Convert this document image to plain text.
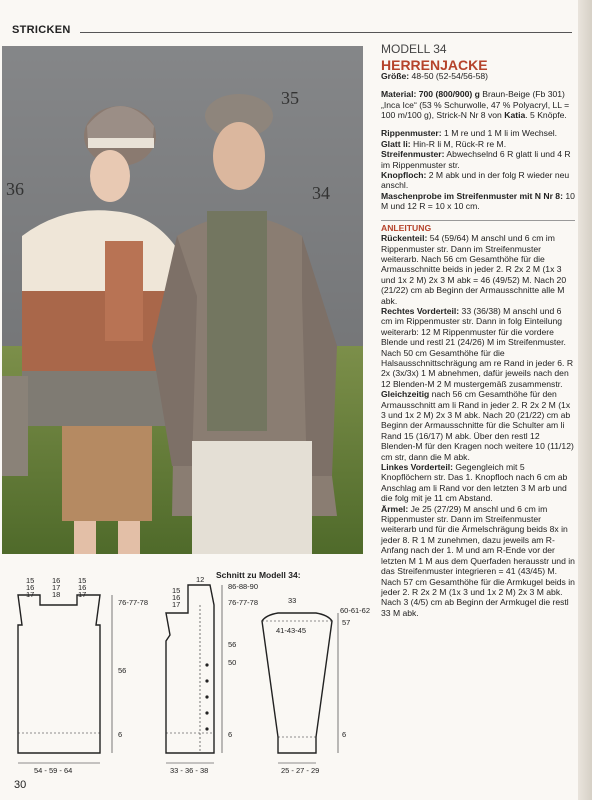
STRICKEN
36
35
34
MODELL 34
HERRENJACKE

Größe: 48-50 (52-54/56-58)

Material: 700 (800/900) g Braun-Beige (Fb 301) „Inca Ice“ (53 % Schurwolle, 47 % Polyacryl, LL = 100 m/100 g), Strick-N Nr 8 von Katia. 5 Knöpfe.

Rippenmuster: 1 M re und 1 M li im Wechsel.

Glatt li: Hin-R li M, Rück-R re M.

Streifenmuster: Abwechselnd 6 R glatt li und 4 R im Rippenmuster str.

Knopfloch: 2 M abk und in der folg R wieder neu anschl.

Maschenprobe im Streifenmuster mit N Nr 8: 10 M und 12 R = 10 x 10 cm.

ANLEITUNG

Rückenteil: 54 (59/64) M anschl und 6 cm im Rippenmuster str. Dann im Streifenmuster weiterarb. Nach 56 cm Gesamthöhe für die Armausschnitte beids in jeder 2. R 2x 2 M (1x 3 und 1x 2 M) 2x 3 M abk = 46 (49/52) M. Nach 20 (21/22) cm ab Beginn der Armausschnitte alle M abk.

Rechtes Vorderteil: 33 (36/38) M anschl und 6 cm im Rippenmuster str. Dann in folg Einteilung weiterarb: 12 M Rippenmuster für die vordere Blende und restl 21 (24/26) M im Streifenmuster. Nach 50 cm Gesamthöhe für die Halsausschnittschrägung am re Rand in jeder 6. R 2x (3x/3x) 1 M abnehmen, dafür jeweils nach den 12 Blenden-M 2 M mustergemäß zusammenstr. Gleichzeitig nach 56 cm Gesamthöhe für den Armausschnitt am li Rand in jeder 2. R 2x 2 M (1x 3 und 1x 2 M) 2x 3 M abk. Nach 20 (21/22) cm ab Beginn der Armausschnitte für die Schulter am li Rand 15 (16/17) M abk. Über den restl 12 Blenden-M für den Kragen noch weitere 10 (11/12) cm str, dann die M abk.

Linkes Vorderteil: Gegengleich mit 5 Knopflöchern str. Das 1. Knopfloch nach 6 cm ab Anschlag am li Rand vor den letzten 3 M arb und die folg mit je 11 cm Abstand.

Ärmel: Je 25 (27/29) M anschl und 6 cm im Rippenmuster str. Dann im Streifenmuster weiterarb und für die Ärmelschrägung beids 8x in jeder 8. R 1 M zunehmen, dazu jeweils am R-Anfang nach der 1. M und am R-Ende vor der letzten M 1 M aus dem Querfaden herausstr und in das Streifenmuster integrieren = 41 (43/45) M. Nach 57 cm Gesamthöhe für die Armkugel beids in jeder 2. R 2x 2 M (1x 3 und 1x 2 M) 2x 3 M abk. Nach 3 (4/5) cm ab Beginn der Armkugel die restl 33 M abk.

Schnitt zu Modell 34:
15
16
17
16
17
18
15
16
17
76-77-78
56
6
54 - 59 - 64
15
16
17
12
86-88-90
76-77-78
56
50
6
33 - 36 - 38
33
41-43-45
60-61-62
57
6
25 - 27 - 29
30
